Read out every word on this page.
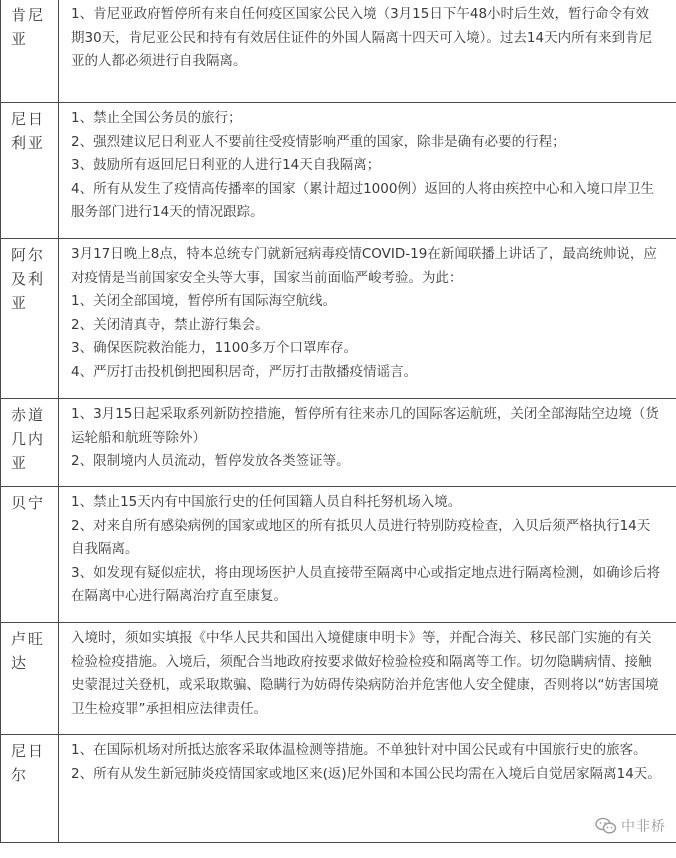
肯尼亚	1、肯尼亚政府暂停所有来自任何疫区国家公民入境（3月15日下午48小时后生效，暂行命令有效期30天，肯尼亚公民和持有有效居住证件的外国人隔离十四天可入境）。过去14天内所有来到肯尼亚的人都必须进行自我隔离。

尼日利亚	1、禁止全国公务员的旅行；
2、强烈建议尼日利亚人不要前往受疫情影响严重的国家，除非是确有必要的行程；
3、鼓励所有返回尼日利亚的人进行14天自我隔离；
4、所有从发生了疫情高传播率的国家（累计超过1000例）返回的人将由疾控中心和入境口岸卫生服务部门进行14天的情况跟踪。

阿尔及利亚	3月17日晚上8点，特本总统专门就新冠病毒疫情COVID-19在新闻联播上讲话了，最高统帅说，应对疫情是当前国家安全头等大事，国家当前面临严峻考验。为此：
1、关闭全部国境，暂停所有国际海空航线。
2、关闭清真寺，禁止游行集会。
3、确保医院救治能力，1100多万个口罩库存。
4、严厉打击投机倒把囤积居奇，严厉打击散播疫情谣言。

赤道几内亚	1、3月15日起采取系列新防控措施，暂停所有往来赤几的国际客运航班，关闭全部海陆空边境（货运轮船和航班等除外）
2、限制境内人员流动，暂停发放各类签证等。

贝宁	1、禁止15天内有中国旅行史的任何国籍人员自科托努机场入境。
2、对来自所有感染病例的国家或地区的所有抵贝人员进行特别防疫检查，入贝后须严格执行14天自我隔离。
3、如发现有疑似症状，将由现场医护人员直接带至隔离中心或指定地点进行隔离检测，如确诊后将在隔离中心进行隔离治疗直至康复。

卢旺达	入境时，须如实填报《中华人民共和国出入境健康申明卡》等，并配合海关、移民部门实施的有关检验检疫措施。入境后，须配合当地政府按要求做好检验检疫和隔离等工作。切勿隐瞒病情、接触史蒙混过关登机，或采取欺骗、隐瞒行为妨碍传染病防治并危害他人安全健康，否则将以“妨害国境卫生检疫罪”承担相应法律责任。

尼日尔	1、在国际机场对所抵达旅客采取体温检测等措施。不单独针对中国公民或有中国旅行史的旅客。
2、所有从发生新冠肺炎疫情国家或地区来(返)尼外国和本国公民均需在入境后自觉居家隔离14天。
中非桥
